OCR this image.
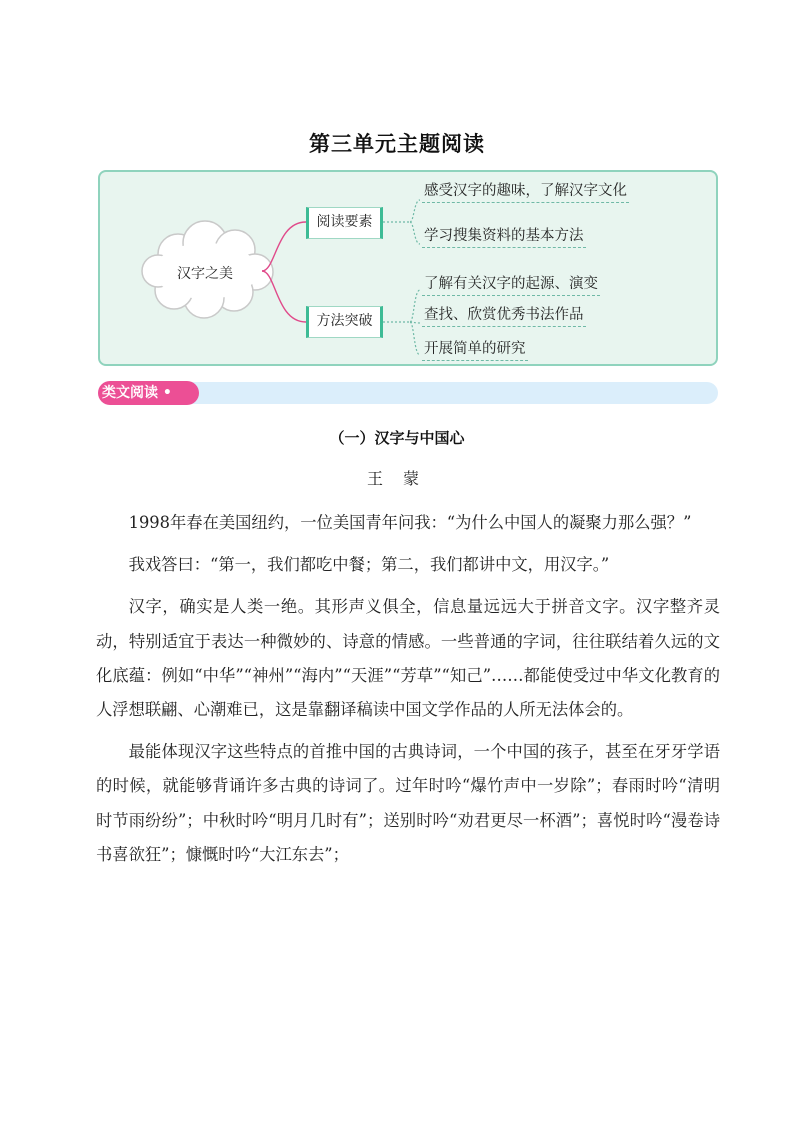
第三单元主题阅读
汉字之美
阅读要素
方法突破
感受汉字的趣味，了解汉字文化
学习搜集资料的基本方法
了解有关汉字的起源、演变
查找、欣赏优秀书法作品
开展简单的研究
类文阅读 •
（一）汉字与中国心
王蒙

1998年春在美国纽约，一位美国青年问我：“为什么中国人的凝聚力那么强？”

我戏答曰：“第一，我们都吃中餐；第二，我们都讲中文，用汉字。”

汉字，确实是人类一绝。其形声义俱全，信息量远远大于拼音文字。汉字整齐灵动，特别适宜于表达一种微妙的、诗意的情感。一些普通的字词，往往联结着久远的文化底蕴：例如“中华”“神州”“海内”“天涯”“芳草”“知己”……都能使受过中华文化教育的人浮想联翩、心潮难已，这是靠翻译稿读中国文学作品的人所无法体会的。

最能体现汉字这些特点的首推中国的古典诗词，一个中国的孩子，甚至在牙牙学语的时候，就能够背诵许多古典的诗词了。过年时吟“爆竹声中一岁除”；春雨时吟“清明时节雨纷纷”；中秋时吟“明月几时有”；送别时吟“劝君更尽一杯酒”；喜悦时吟“漫卷诗书喜欲狂”；慷慨时吟“大江东去”；
